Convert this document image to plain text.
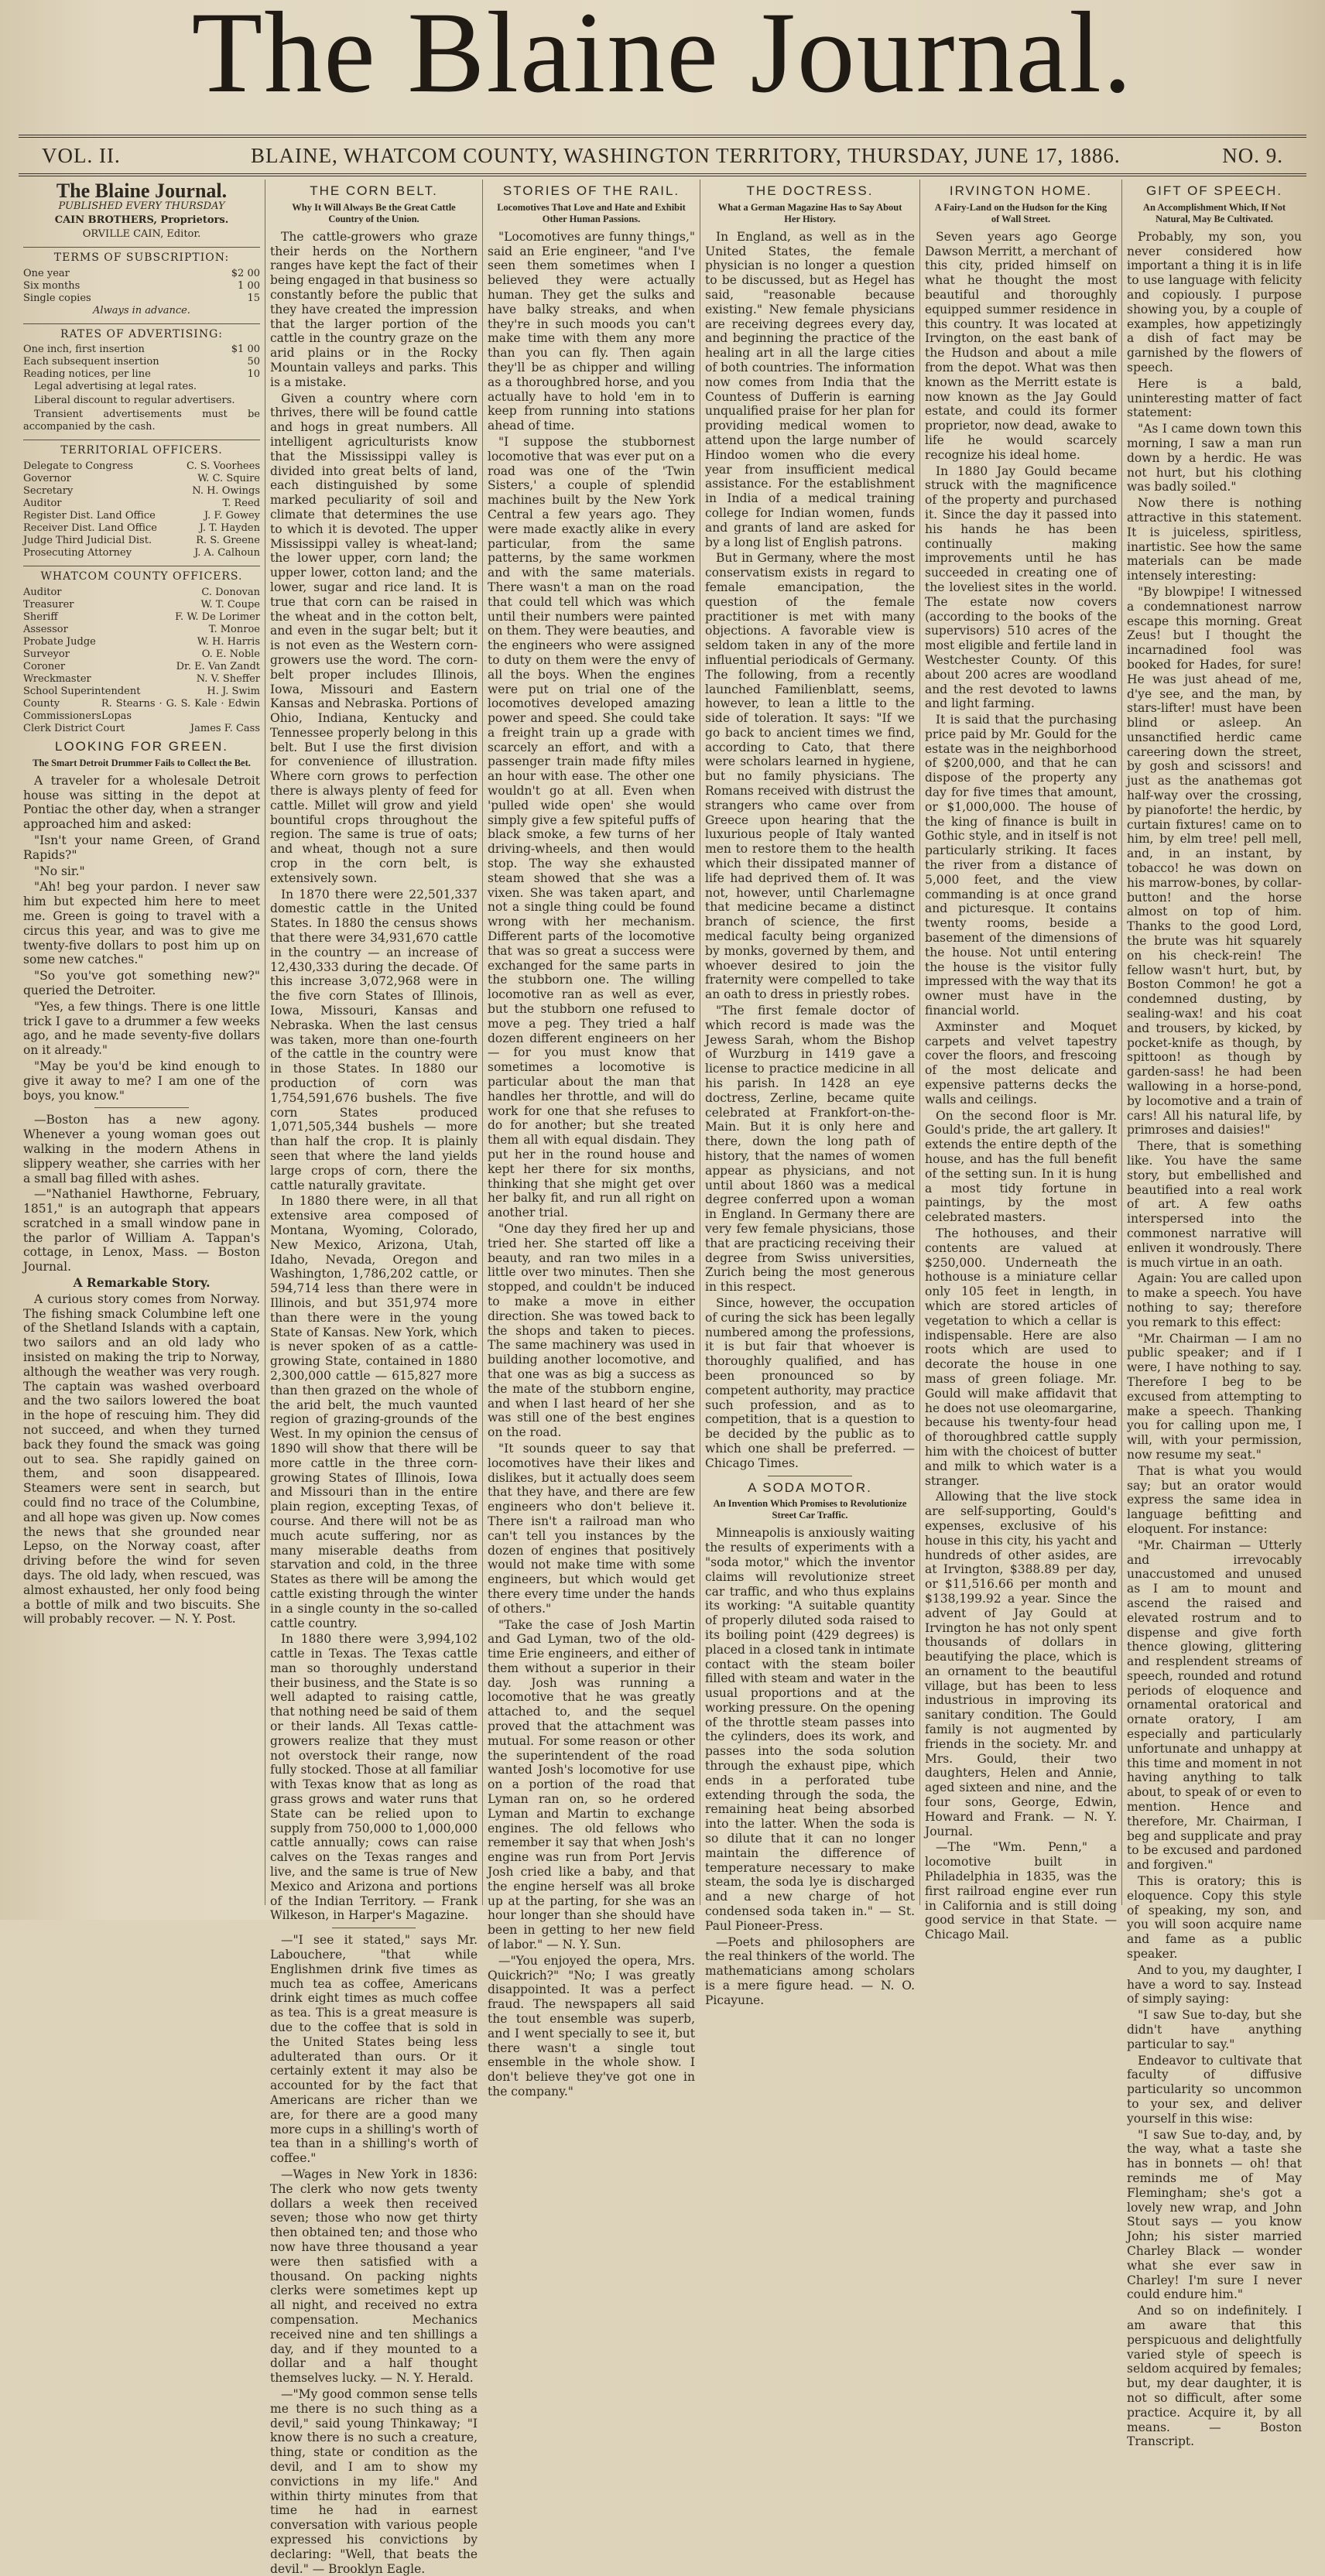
The Blaine Journal.
VOL. II.	BLAINE, WHATCOM COUNTY, WASHINGTON TERRITORY, THURSDAY, JUNE 17, 1886.	NO. 9.
The Blaine Journal.

PUBLISHED EVERY THURSDAY

CAIN BROTHERS, Proprietors.

ORVILLE CAIN, Editor.

TERMS OF SUBSCRIPTION:
One year	$2 00
Six months	1 00
Single copies	15

Always in advance.

RATES OF ADVERTISING:
One inch, first insertion	$1 00
Each subsequent insertion	50
Reading notices, per line	10

Legal advertising at legal rates.

Liberal discount to regular advertisers.

Transient advertisements must be accompanied by the cash.

TERRITORIAL OFFICERS.
Delegate to Congress	C. S. Voorhees
Governor	W. C. Squire
Secretary	N. H. Owings
Auditor	T. Reed
Register Dist. Land Office	J. F. Gowey
Receiver Dist. Land Office	J. T. Hayden
Judge Third Judicial Dist.	R. S. Greene
Prosecuting Attorney	J. A. Calhoun
WHATCOM COUNTY OFFICERS.
Auditor	C. Donovan
Treasurer	W. T. Coupe
Sheriff	F. W. De Lorimer
Assessor	T. Monroe
Probate Judge	W. H. Harris
Surveyor	O. E. Noble
Coroner	Dr. E. Van Zandt
Wreckmaster	N. V. Sheffer
School Superintendent	H. J. Swim
County Commissioners
R. Stearns · G. S. Kale · Edwin Lopas
Clerk District Court	James F. Cass
LOOKING FOR GREEN.
The Smart Detroit Drummer Fails to Collect the Bet.

A traveler for a wholesale Detroit house was sitting in the depot at Pontiac the other day, when a stranger approached him and asked:

"Isn't your name Green, of Grand Rapids?"

"No sir."

"Ah! beg your pardon. I never saw him but expected him here to meet me. Green is going to travel with a circus this year, and was to give me twenty-five dollars to post him up on some new catches."

"So you've got something new?" queried the Detroiter.

"Yes, a few things. There is one little trick I gave to a drummer a few weeks ago, and he made seventy-five dollars on it already."

"May be you'd be kind enough to give it away to me? I am one of the boys, you know."

—Boston has a new agony. Whenever a young woman goes out walking in the modern Athens in slippery weather, she carries with her a small bag filled with ashes.

—"Nathaniel Hawthorne, February, 1851," is an autograph that appears scratched in a small window pane in the parlor of William A. Tappan's cottage, in Lenox, Mass. — Boston Journal.

A Remarkable Story.

A curious story comes from Norway. The fishing smack Columbine left one of the Shetland Islands with a captain, two sailors and an old lady who insisted on making the trip to Norway, although the weather was very rough. The captain was washed overboard and the two sailors lowered the boat in the hope of rescuing him. They did not succeed, and when they turned back they found the smack was going out to sea. She rapidly gained on them, and soon disappeared. Steamers were sent in search, but could find no trace of the Columbine, and all hope was given up. Now comes the news that she grounded near Lepso, on the Norway coast, after driving before the wind for seven days. The old lady, when rescued, was almost exhausted, her only food being a bottle of milk and two biscuits. She will probably recover. — N. Y. Post.

THE CORN BELT.
Why It Will Always Be the Great Cattle Country of the Union.

The cattle-growers who graze their herds on the Northern ranges have kept the fact of their being engaged in that business so constantly before the public that they have created the impression that the larger portion of the cattle in the country graze on the arid plains or in the Rocky Mountain valleys and parks. This is a mistake.

Given a country where corn thrives, there will be found cattle and hogs in great numbers. All intelligent agriculturists know that the Mississippi valley is divided into great belts of land, each distinguished by some marked peculiarity of soil and climate that determines the use to which it is devoted. The upper Mississippi valley is wheat-land; the lower upper, corn land; the upper lower, cotton land; and the lower, sugar and rice land. It is true that corn can be raised in the wheat and in the cotton belt, and even in the sugar belt; but it is not even as the Western corn-growers use the word. The corn-belt proper includes Illinois, Iowa, Missouri and Eastern Kansas and Nebraska. Portions of Ohio, Indiana, Kentucky and Tennessee properly belong in this belt. But I use the first division for convenience of illustration. Where corn grows to perfection there is always plenty of feed for cattle. Millet will grow and yield bountiful crops throughout the region. The same is true of oats; and wheat, though not a sure crop in the corn belt, is extensively sown.

In 1870 there were 22,501,337 domestic cattle in the United States. In 1880 the census shows that there were 34,931,670 cattle in the country — an increase of 12,430,333 during the decade. Of this increase 3,072,968 were in the five corn States of Illinois, Iowa, Missouri, Kansas and Nebraska. When the last census was taken, more than one-fourth of the cattle in the country were in those States. In 1880 our production of corn was 1,754,591,676 bushels. The five corn States produced 1,071,505,344 bushels — more than half the crop. It is plainly seen that where the land yields large crops of corn, there the cattle naturally gravitate.

In 1880 there were, in all that extensive area composed of Montana, Wyoming, Colorado, New Mexico, Arizona, Utah, Idaho, Nevada, Oregon and Washington, 1,786,202 cattle, or 594,714 less than there were in Illinois, and but 351,974 more than there were in the young State of Kansas. New York, which is never spoken of as a cattle-growing State, contained in 1880 2,300,000 cattle — 615,827 more than then grazed on the whole of the arid belt, the much vaunted region of grazing-grounds of the West. In my opinion the census of 1890 will show that there will be more cattle in the three corn-growing States of Illinois, Iowa and Missouri than in the entire plain region, excepting Texas, of course. And there will not be as much acute suffering, nor as many miserable deaths from starvation and cold, in the three States as there will be among the cattle existing through the winter in a single county in the so-called cattle country.

In 1880 there were 3,994,102 cattle in Texas. The Texas cattle man so thoroughly understand their business, and the State is so well adapted to raising cattle, that nothing need be said of them or their lands. All Texas cattle-growers realize that they must not overstock their range, now fully stocked. Those at all familiar with Texas know that as long as grass grows and water runs that State can be relied upon to supply from 750,000 to 1,000,000 cattle annually; cows can raise calves on the Texas ranges and live, and the same is true of New Mexico and Arizona and portions of the Indian Territory. — Frank Wilkeson, in Harper's Magazine.

—"I see it stated," says Mr. Labouchere, "that while Englishmen drink five times as much tea as coffee, Americans drink eight times as much coffee as tea. This is a great measure is due to the coffee that is sold in the United States being less adulterated than ours. Or it certainly extent it may also be accounted for by the fact that Americans are richer than we are, for there are a good many more cups in a shilling's worth of tea than in a shilling's worth of coffee."

—Wages in New York in 1836: The clerk who now gets twenty dollars a week then received seven; those who now get thirty then obtained ten; and those who now have three thousand a year were then satisfied with a thousand. On packing nights clerks were sometimes kept up all night, and received no extra compensation. Mechanics received nine and ten shillings a day, and if they mounted to a dollar and a half thought themselves lucky. — N. Y. Herald.

—"My good common sense tells me there is no such thing as a devil," said young Thinkaway; "I know there is no such a creature, thing, state or condition as the devil, and I am to show my convictions in my life." And within thirty minutes from that time he had in earnest conversation with various people expressed his convictions by declaring: "Well, that beats the devil." — Brooklyn Eagle.

STORIES OF THE RAIL.
Locomotives That Love and Hate and Exhibit Other Human Passions.

"Locomotives are funny things," said an Erie engineer, "and I've seen them sometimes when I believed they were actually human. They get the sulks and have balky streaks, and when they're in such moods you can't make time with them any more than you can fly. Then again they'll be as chipper and willing as a thoroughbred horse, and you actually have to hold 'em in to keep from running into stations ahead of time.

"I suppose the stubbornest locomotive that was ever put on a road was one of the 'Twin Sisters,' a couple of splendid machines built by the New York Central a few years ago. They were made exactly alike in every particular, from the same patterns, by the same workmen and with the same materials. There wasn't a man on the road that could tell which was which until their numbers were painted on them. They were beauties, and the engineers who were assigned to duty on them were the envy of all the boys. When the engines were put on trial one of the locomotives developed amazing power and speed. She could take a freight train up a grade with scarcely an effort, and with a passenger train made fifty miles an hour with ease. The other one wouldn't go at all. Even when 'pulled wide open' she would simply give a few spiteful puffs of black smoke, a few turns of her driving-wheels, and then would stop. The way she exhausted steam showed that she was a vixen. She was taken apart, and not a single thing could be found wrong with her mechanism. Different parts of the locomotive that was so great a success were exchanged for the same parts in the stubborn one. The willing locomotive ran as well as ever, but the stubborn one refused to move a peg. They tried a half dozen different engineers on her — for you must know that sometimes a locomotive is particular about the man that handles her throttle, and will do work for one that she refuses to do for another; but she treated them all with equal disdain. They put her in the round house and kept her there for six months, thinking that she might get over her balky fit, and run all right on another trial.

"One day they fired her up and tried her. She started off like a beauty, and ran two miles in a little over two minutes. Then she stopped, and couldn't be induced to make a move in either direction. She was towed back to the shops and taken to pieces. The same machinery was used in building another locomotive, and that one was as big a success as the mate of the stubborn engine, and when I last heard of her she was still one of the best engines on the road.

"It sounds queer to say that locomotives have their likes and dislikes, but it actually does seem that they have, and there are few engineers who don't believe it. There isn't a railroad man who can't tell you instances by the dozen of engines that positively would not make time with some engineers, but which would get there every time under the hands of others."

"Take the case of Josh Martin and Gad Lyman, two of the old-time Erie engineers, and either of them without a superior in their day. Josh was running a locomotive that he was greatly attached to, and the sequel proved that the attachment was mutual. For some reason or other the superintendent of the road wanted Josh's locomotive for use on a portion of the road that Lyman ran on, so he ordered Lyman and Martin to exchange engines. The old fellows who remember it say that when Josh's engine was run from Port Jervis Josh cried like a baby, and that the engine herself was all broke up at the parting, for she was an hour longer than she should have been in getting to her new field of labor." — N. Y. Sun.

—"You enjoyed the opera, Mrs. Quickrich?" "No; I was greatly disappointed. It was a perfect fraud. The newspapers all said the tout ensemble was superb, and I went specially to see it, but there wasn't a single tout ensemble in the whole show. I don't believe they've got one in the company."

THE DOCTRESS.
What a German Magazine Has to Say About Her History.

In England, as well as in the United States, the female physician is no longer a question to be discussed, but as Hegel has said, "reasonable because existing." New female physicians are receiving degrees every day, and beginning the practice of the healing art in all the large cities of both countries. The information now comes from India that the Countess of Dufferin is earning unqualified praise for her plan for providing medical women to attend upon the large number of Hindoo women who die every year from insufficient medical assistance. For the establishment in India of a medical training college for Indian women, funds and grants of land are asked for by a long list of English patrons.

But in Germany, where the most conservatism exists in regard to female emancipation, the question of the female practitioner is met with many objections. A favorable view is seldom taken in any of the more influential periodicals of Germany. The following, from a recently launched Familienblatt, seems, however, to lean a little to the side of toleration. It says: "If we go back to ancient times we find, according to Cato, that there were scholars learned in hygiene, but no family physicians. The Romans received with distrust the strangers who came over from Greece upon hearing that the luxurious people of Italy wanted men to restore them to the health which their dissipated manner of life had deprived them of. It was not, however, until Charlemagne that medicine became a distinct branch of science, the first medical faculty being organized by monks, governed by them, and whoever desired to join the fraternity were compelled to take an oath to dress in priestly robes.

"The first female doctor of which record is made was the Jewess Sarah, whom the Bishop of Wurzburg in 1419 gave a license to practice medicine in all his parish. In 1428 an eye doctress, Zerline, became quite celebrated at Frankfort-on-the-Main. But it is only here and there, down the long path of history, that the names of women appear as physicians, and not until about 1860 was a medical degree conferred upon a woman in England. In Germany there are very few female physicians, those that are practicing receiving their degree from Swiss universities, Zurich being the most generous in this respect.

Since, however, the occupation of curing the sick has been legally numbered among the professions, it is but fair that whoever is thoroughly qualified, and has been pronounced so by competent authority, may practice such profession, and as to competition, that is a question to be decided by the public as to which one shall be preferred. — Chicago Times.

A SODA MOTOR.
An Invention Which Promises to Revolutionize Street Car Traffic.

Minneapolis is anxiously waiting the results of experiments with a "soda motor," which the inventor claims will revolutionize street car traffic, and who thus explains its working: "A suitable quantity of properly diluted soda raised to its boiling point (429 degrees) is placed in a closed tank in intimate contact with the steam boiler filled with steam and water in the usual proportions and at the working pressure. On the opening of the throttle steam passes into the cylinders, does its work, and passes into the soda solution through the exhaust pipe, which ends in a perforated tube extending through the soda, the remaining heat being absorbed into the latter. When the soda is so dilute that it can no longer maintain the difference of temperature necessary to make steam, the soda lye is discharged and a new charge of hot condensed soda taken in." — St. Paul Pioneer-Press.

—Poets and philosophers are the real thinkers of the world. The mathematicians among scholars is a mere figure head. — N. O. Picayune.

IRVINGTON HOME.
A Fairy-Land on the Hudson for the King of Wall Street.

Seven years ago George Dawson Merritt, a merchant of this city, prided himself on what he thought the most beautiful and thoroughly equipped summer residence in this country. It was located at Irvington, on the east bank of the Hudson and about a mile from the depot. What was then known as the Merritt estate is now known as the Jay Gould estate, and could its former proprietor, now dead, awake to life he would scarcely recognize his ideal home.

In 1880 Jay Gould became struck with the magnificence of the property and purchased it. Since the day it passed into his hands he has been continually making improvements until he has succeeded in creating one of the loveliest sites in the world. The estate now covers (according to the books of the supervisors) 510 acres of the most eligible and fertile land in Westchester County. Of this about 200 acres are woodland and the rest devoted to lawns and light farming.

It is said that the purchasing price paid by Mr. Gould for the estate was in the neighborhood of $200,000, and that he can dispose of the property any day for five times that amount, or $1,000,000. The house of the king of finance is built in Gothic style, and in itself is not particularly striking. It faces the river from a distance of 5,000 feet, and the view commanding is at once grand and picturesque. It contains twenty rooms, beside a basement of the dimensions of the house. Not until entering the house is the visitor fully impressed with the way that its owner must have in the financial world.

Axminster and Moquet carpets and velvet tapestry cover the floors, and frescoing of the most delicate and expensive patterns decks the walls and ceilings.

On the second floor is Mr. Gould's pride, the art gallery. It extends the entire depth of the house, and has the full benefit of the setting sun. In it is hung a most tidy fortune in paintings, by the most celebrated masters.

The hothouses, and their contents are valued at $250,000. Underneath the hothouse is a miniature cellar only 105 feet in length, in which are stored articles of vegetation to which a cellar is indispensable. Here are also roots which are used to decorate the house in one mass of green foliage. Mr. Gould will make affidavit that he does not use oleomargarine, because his twenty-four head of thoroughbred cattle supply him with the choicest of butter and milk to which water is a stranger.

Allowing that the live stock are self-supporting, Gould's expenses, exclusive of his house in this city, his yacht and hundreds of other asides, are at Irvington, $388.89 per day, or $11,516.66 per month and $138,199.92 a year. Since the advent of Jay Gould at Irvington he has not only spent thousands of dollars in beautifying the place, which is an ornament to the beautiful village, but has been to less industrious in improving its sanitary condition. The Gould family is not augmented by friends in the society. Mr. and Mrs. Gould, their two daughters, Helen and Annie, aged sixteen and nine, and the four sons, George, Edwin, Howard and Frank. — N. Y. Journal.

—The "Wm. Penn," a locomotive built in Philadelphia in 1835, was the first railroad engine ever run in California and is still doing good service in that State. — Chicago Mail.

GIFT OF SPEECH.
An Accomplishment Which, If Not Natural, May Be Cultivated.

Probably, my son, you never considered how important a thing it is in life to use language with felicity and copiously. I purpose showing you, by a couple of examples, how appetizingly a dish of fact may be garnished by the flowers of speech.

Here is a bald, uninteresting matter of fact statement:

"As I came down town this morning, I saw a man run down by a herdic. He was not hurt, but his clothing was badly soiled."

Now there is nothing attractive in this statement. It is juiceless, spiritless, inartistic. See how the same materials can be made intensely interesting:

"By blowpipe! I witnessed a condemnationest narrow escape this morning. Great Zeus! but I thought the incarnadined fool was booked for Hades, for sure! He was just ahead of me, d'ye see, and the man, by stars-lifter! must have been blind or asleep. An unsanctified herdic came careering down the street, by gosh and scissors! and just as the anathemas got half-way over the crossing, by pianoforte! the herdic, by curtain fixtures! came on to him, by elm tree! pell mell, and, in an instant, by tobacco! he was down on his marrow-bones, by collar-button! and the horse almost on top of him. Thanks to the good Lord, the brute was hit squarely on his check-rein! The fellow wasn't hurt, but, by Boston Common! he got a condemned dusting, by sealing-wax! and his coat and trousers, by kicked, by pocket-knife as though, by spittoon! as though by garden-sass! he had been wallowing in a horse-pond, by locomotive and a train of cars! All his natural life, by primroses and daisies!"

There, that is something like. You have the same story, but embellished and beautified into a real work of art. A few oaths interspersed into the commonest narrative will enliven it wondrously. There is much virtue in an oath.

Again: You are called upon to make a speech. You have nothing to say; therefore you remark to this effect:

"Mr. Chairman — I am no public speaker; and if I were, I have nothing to say. Therefore I beg to be excused from attempting to make a speech. Thanking you for calling upon me, I will, with your permission, now resume my seat."

That is what you would say; but an orator would express the same idea in language befitting and eloquent. For instance:

"Mr. Chairman — Utterly and irrevocably unaccustomed and unused as I am to mount and ascend the raised and elevated rostrum and to dispense and give forth thence glowing, glittering and resplendent streams of speech, rounded and rotund periods of eloquence and ornamental oratorical and ornate oratory, I am especially and particularly unfortunate and unhappy at this time and moment in not having anything to talk about, to speak of or even to mention. Hence and therefore, Mr. Chairman, I beg and supplicate and pray to be excused and pardoned and forgiven."

This is oratory; this is eloquence. Copy this style of speaking, my son, and you will soon acquire name and fame as a public speaker.

And to you, my daughter, I have a word to say. Instead of simply saying:

"I saw Sue to-day, but she didn't have anything particular to say."

Endeavor to cultivate that faculty of diffusive particularity so uncommon to your sex, and deliver yourself in this wise:

"I saw Sue to-day, and, by the way, what a taste she has in bonnets — oh! that reminds me of May Flemingham; she's got a lovely new wrap, and John Stout says — you know John; his sister married Charley Black — wonder what she ever saw in Charley! I'm sure I never could endure him."

And so on indefinitely. I am aware that this perspicuous and delightfully varied style of speech is seldom acquired by females; but, my dear daughter, it is not so difficult, after some practice. Acquire it, by all means. — Boston Transcript.
